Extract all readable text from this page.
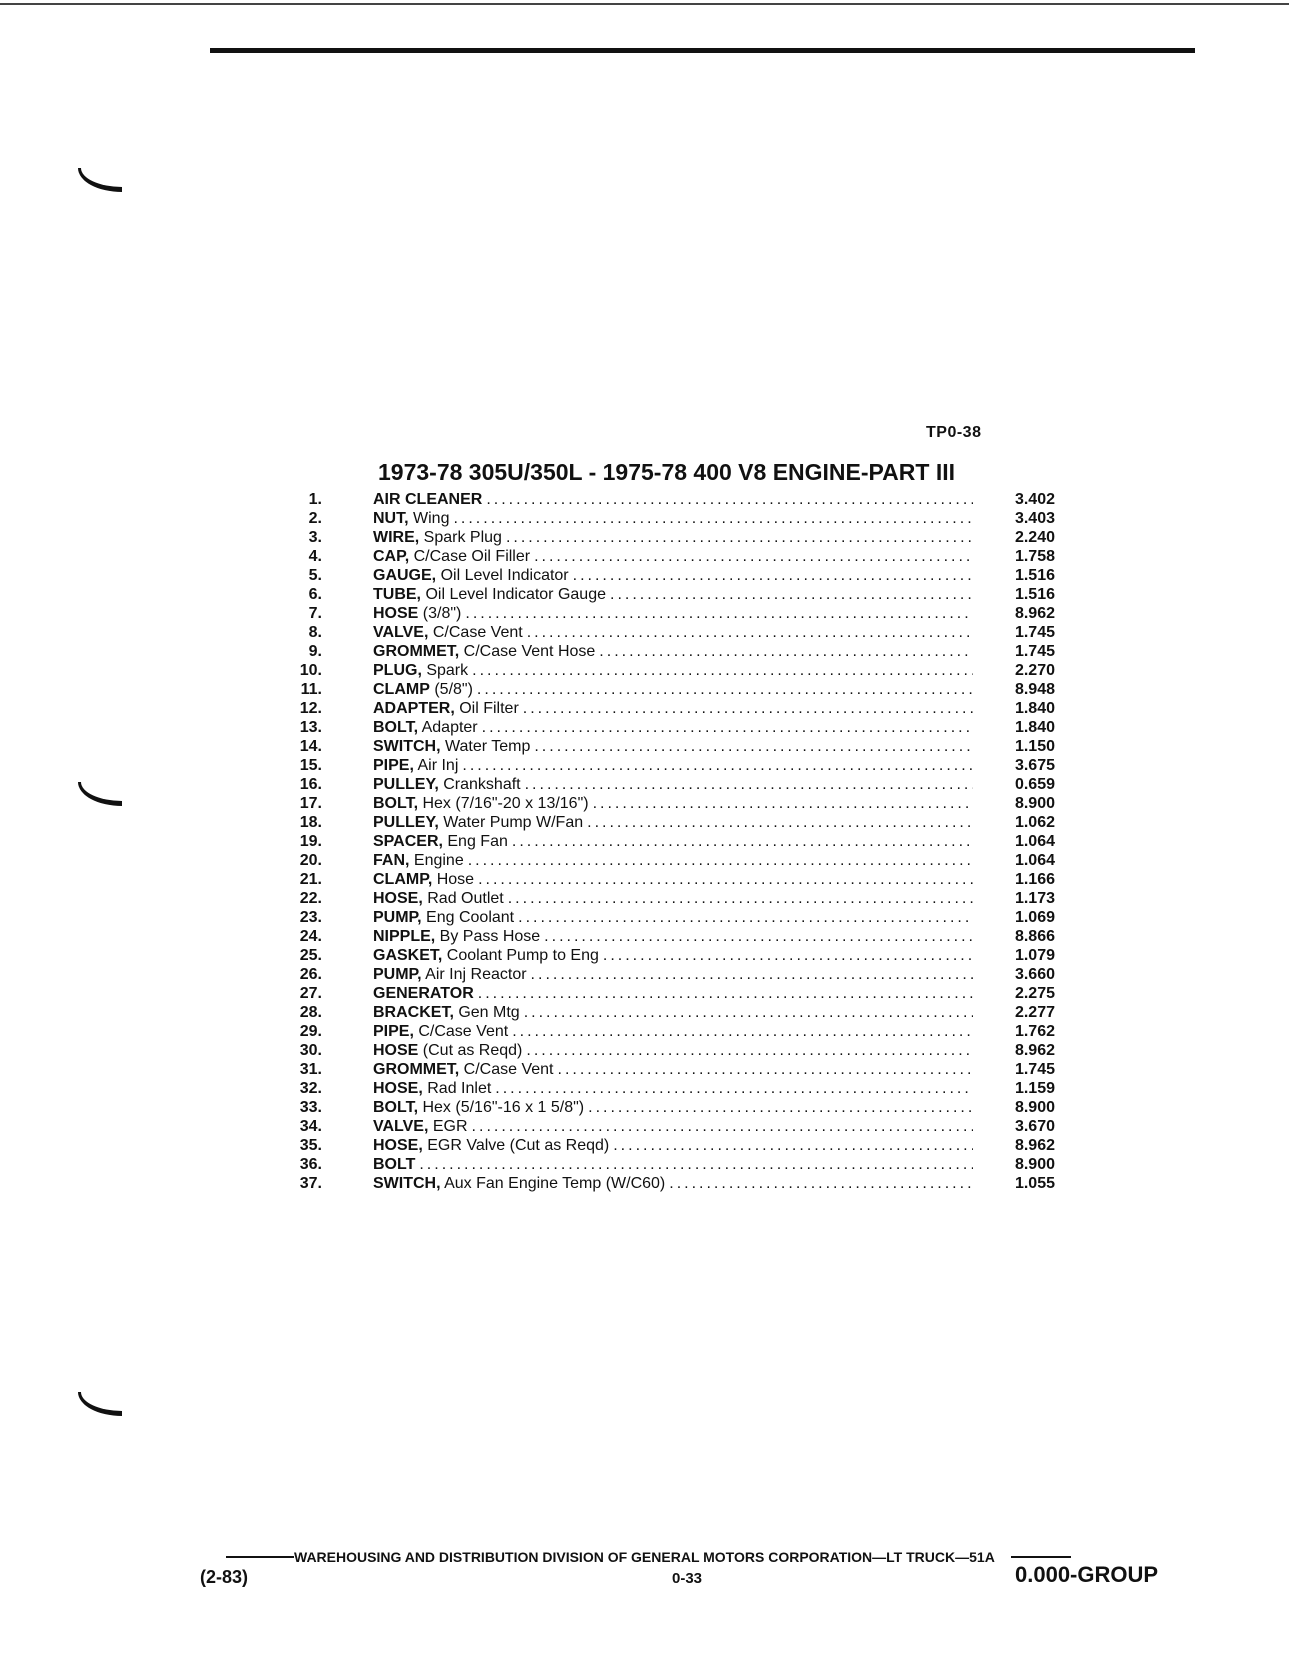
TP0-38
1973-78 305U/350L - 1975-78 400 V8 ENGINE-PART III
1.	AIR CLEANER .....	3.402
2.	NUT, Wing .....	3.403
3.	WIRE, Spark Plug .....	2.240
4.	CAP, C/Case Oil Filler .....	1.758
5.	GAUGE, Oil Level Indicator .....	1.516
6.	TUBE, Oil Level Indicator Gauge .....	1.516
7.	HOSE (3/8") .....	8.962
8.	VALVE, C/Case Vent .....	1.745
9.	GROMMET, C/Case Vent Hose .....	1.745
10.	PLUG, Spark .....	2.270
11.	CLAMP (5/8") .....	8.948
12.	ADAPTER, Oil Filter .....	1.840
13.	BOLT, Adapter .....	1.840
14.	SWITCH, Water Temp .....	1.150
15.	PIPE, Air Inj .....	3.675
16.	PULLEY, Crankshaft .....	0.659
17.	BOLT, Hex (7/16"-20 x 13/16") .....	8.900
18.	PULLEY, Water Pump W/Fan .....	1.062
19.	SPACER, Eng Fan .....	1.064
20.	FAN, Engine .....	1.064
21.	CLAMP, Hose .....	1.166
22.	HOSE, Rad Outlet .....	1.173
23.	PUMP, Eng Coolant .....	1.069
24.	NIPPLE, By Pass Hose .....	8.866
25.	GASKET, Coolant Pump to Eng .....	1.079
26.	PUMP, Air Inj Reactor .....	3.660
27.	GENERATOR .....	2.275
28.	BRACKET, Gen Mtg .....	2.277
29.	PIPE, C/Case Vent .....	1.762
30.	HOSE (Cut as Reqd) .....	8.962
31.	GROMMET, C/Case Vent .....	1.745
32.	HOSE, Rad Inlet .....	1.159
33.	BOLT, Hex (5/16"-16 x 1 5/8") .....	8.900
34.	VALVE, EGR .....	3.670
35.	HOSE, EGR Valve (Cut as Reqd) .....	8.962
36.	BOLT .....	8.900
37.	SWITCH, Aux Fan Engine Temp (W/C60) .....	1.055
WAREHOUSING AND DISTRIBUTION DIVISION OF GENERAL MOTORS CORPORATION—LT TRUCK—51A
(2-83)	0-33	0.000-GROUP
